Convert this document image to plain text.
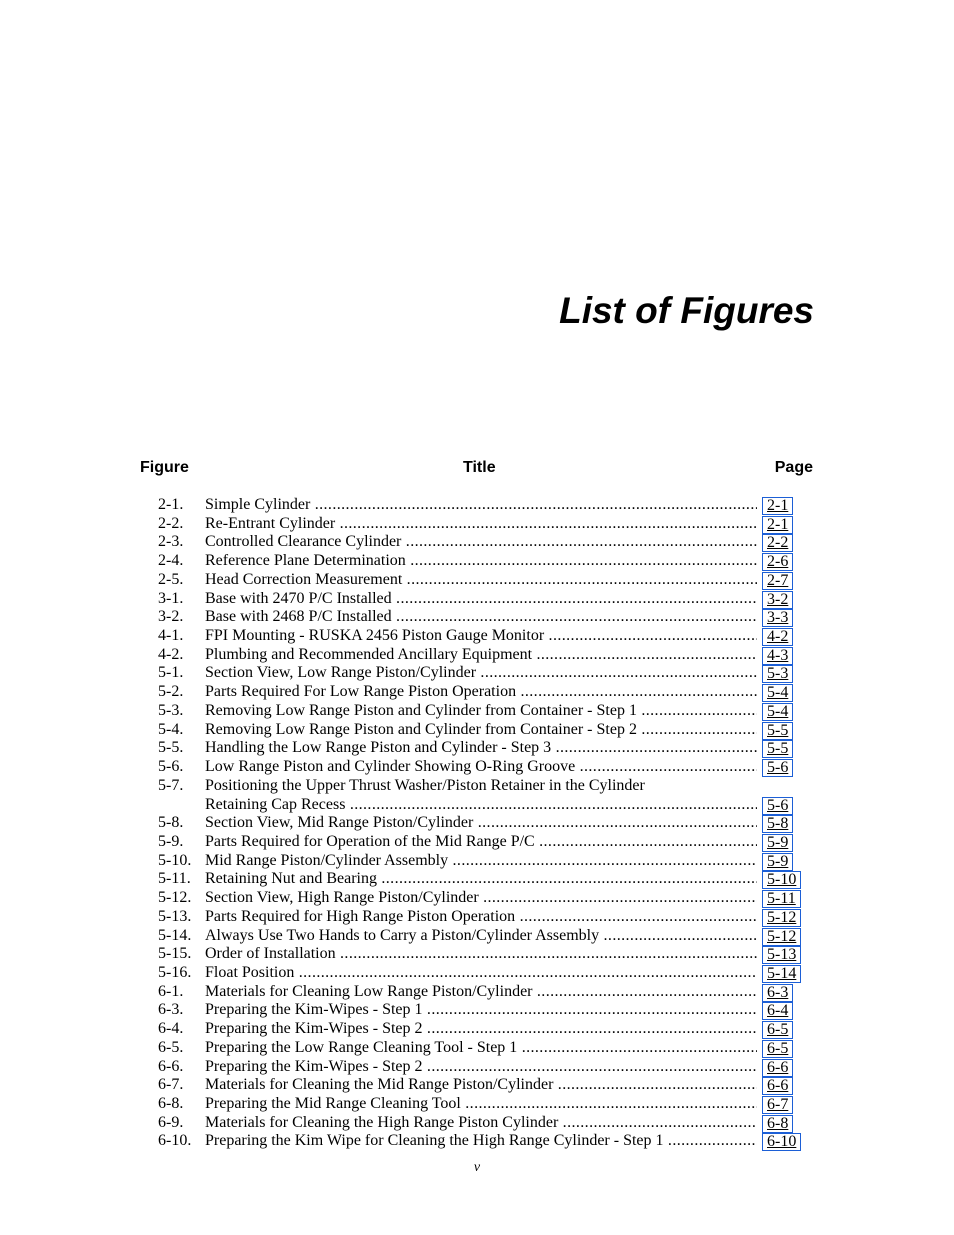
List of Figures
Figure	Title	Page
2-1. Simple Cylinder .....	2-1
2-2. Re-Entrant Cylinder .....	2-1
2-3. Controlled Clearance Cylinder .....	2-2
2-4. Reference Plane Determination .....	2-6
2-5. Head Correction Measurement .....	2-7
3-1. Base with 2470 P/C Installed .....	3-2
3-2. Base with 2468 P/C Installed .....	3-3
4-1. FPI Mounting - RUSKA 2456 Piston Gauge Monitor .....	4-2
4-2. Plumbing and Recommended Ancillary Equipment .....	4-3
5-1. Section View, Low Range Piston/Cylinder .....	5-3
5-2. Parts Required For Low Range Piston Operation .....	5-4
5-3. Removing Low Range Piston and Cylinder from Container - Step 1 .....	5-4
5-4. Removing Low Range Piston and Cylinder from Container - Step 2 .....	5-5
5-5. Handling the Low Range Piston and Cylinder - Step 3 .....	5-5
5-6. Low Range Piston and Cylinder Showing O-Ring Groove .....	5-6
5-7. Positioning the Upper Thrust Washer/Piston Retainer in the Cylinder
Retaining Cap Recess .....	5-6
5-8. Section View, Mid Range Piston/Cylinder .....	5-8
5-9. Parts Required for Operation of the Mid Range P/C .....	5-9
5-10. Mid Range Piston/Cylinder Assembly .....	5-9
5-11. Retaining Nut and Bearing .....	5-10
5-12. Section View, High Range Piston/Cylinder .....	5-11
5-13. Parts Required for High Range Piston Operation .....	5-12
5-14. Always Use Two Hands to Carry a Piston/Cylinder Assembly .....	5-12
5-15. Order of Installation .....	5-13
5-16. Float Position .....	5-14
6-1. Materials for Cleaning Low Range Piston/Cylinder .....	6-3
6-3. Preparing the Kim-Wipes - Step 1 .....	6-4
6-4. Preparing the Kim-Wipes - Step 2 .....	6-5
6-5. Preparing the Low Range Cleaning Tool - Step 1 .....	6-5
6-6. Preparing the Kim-Wipes - Step 2 .....	6-6
6-7. Materials for Cleaning the Mid Range Piston/Cylinder .....	6-6
6-8. Preparing the Mid Range Cleaning Tool .....	6-7
6-9. Materials for Cleaning the High Range Piston Cylinder .....	6-8
6-10. Preparing the Kim Wipe for Cleaning the High Range Cylinder - Step 1 .....	6-10
v
